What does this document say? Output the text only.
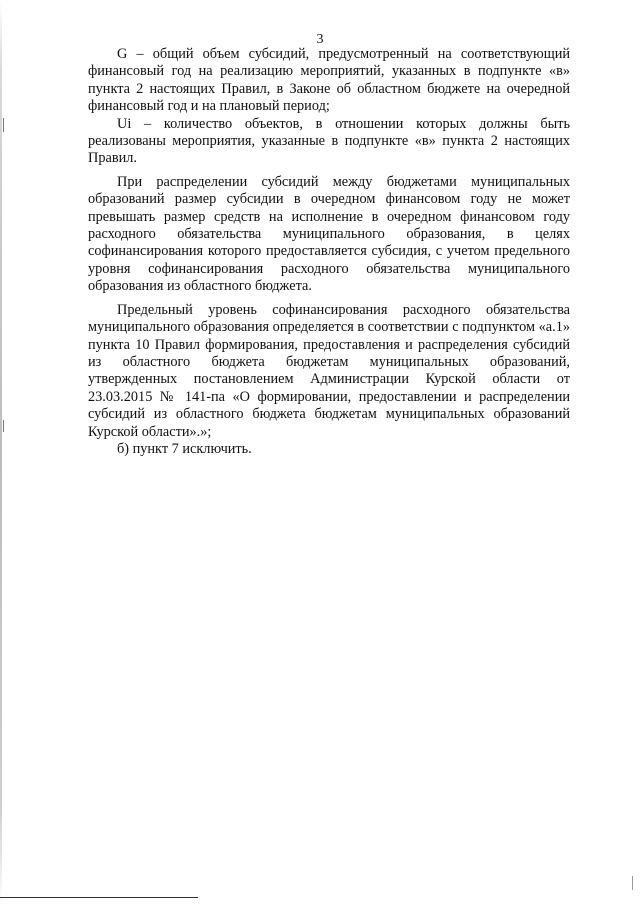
3

G – общий объем субсидий, предусмотренный на соответствующий финансовый год на реализацию мероприятий, указанных в подпункте «в» пункта 2 настоящих Правил, в Законе об областном бюджете на очередной финансовый год и на плановый период;

Ui – количество объектов, в отношении которых должны быть реализованы мероприятия, указанные в подпункте «в» пункта 2 настоящих Правил.

При распределении субсидий между бюджетами муниципальных образований размер субсидии в очередном финансовом году не может превышать размер средств на исполнение в очередном финансовом году расходного обязательства муниципального образования, в целях софинансирования которого предоставляется субсидия, с учетом предельного уровня софинансирования расходного обязательства муниципального образования из областного бюджета.

Предельный уровень софинансирования расходного обязательства муниципального образования определяется в соответствии с подпунктом «а.1» пункта 10 Правил формирования, предоставления и распределения субсидий из областного бюджета бюджетам муниципальных образований, утвержденных постановлением Администрации Курской области от 23.03.2015 № 141-па «О формировании, предоставлении и распределении субсидий из областного бюджета бюджетам муниципальных образований Курской области».»;

б) пункт 7 исключить.
